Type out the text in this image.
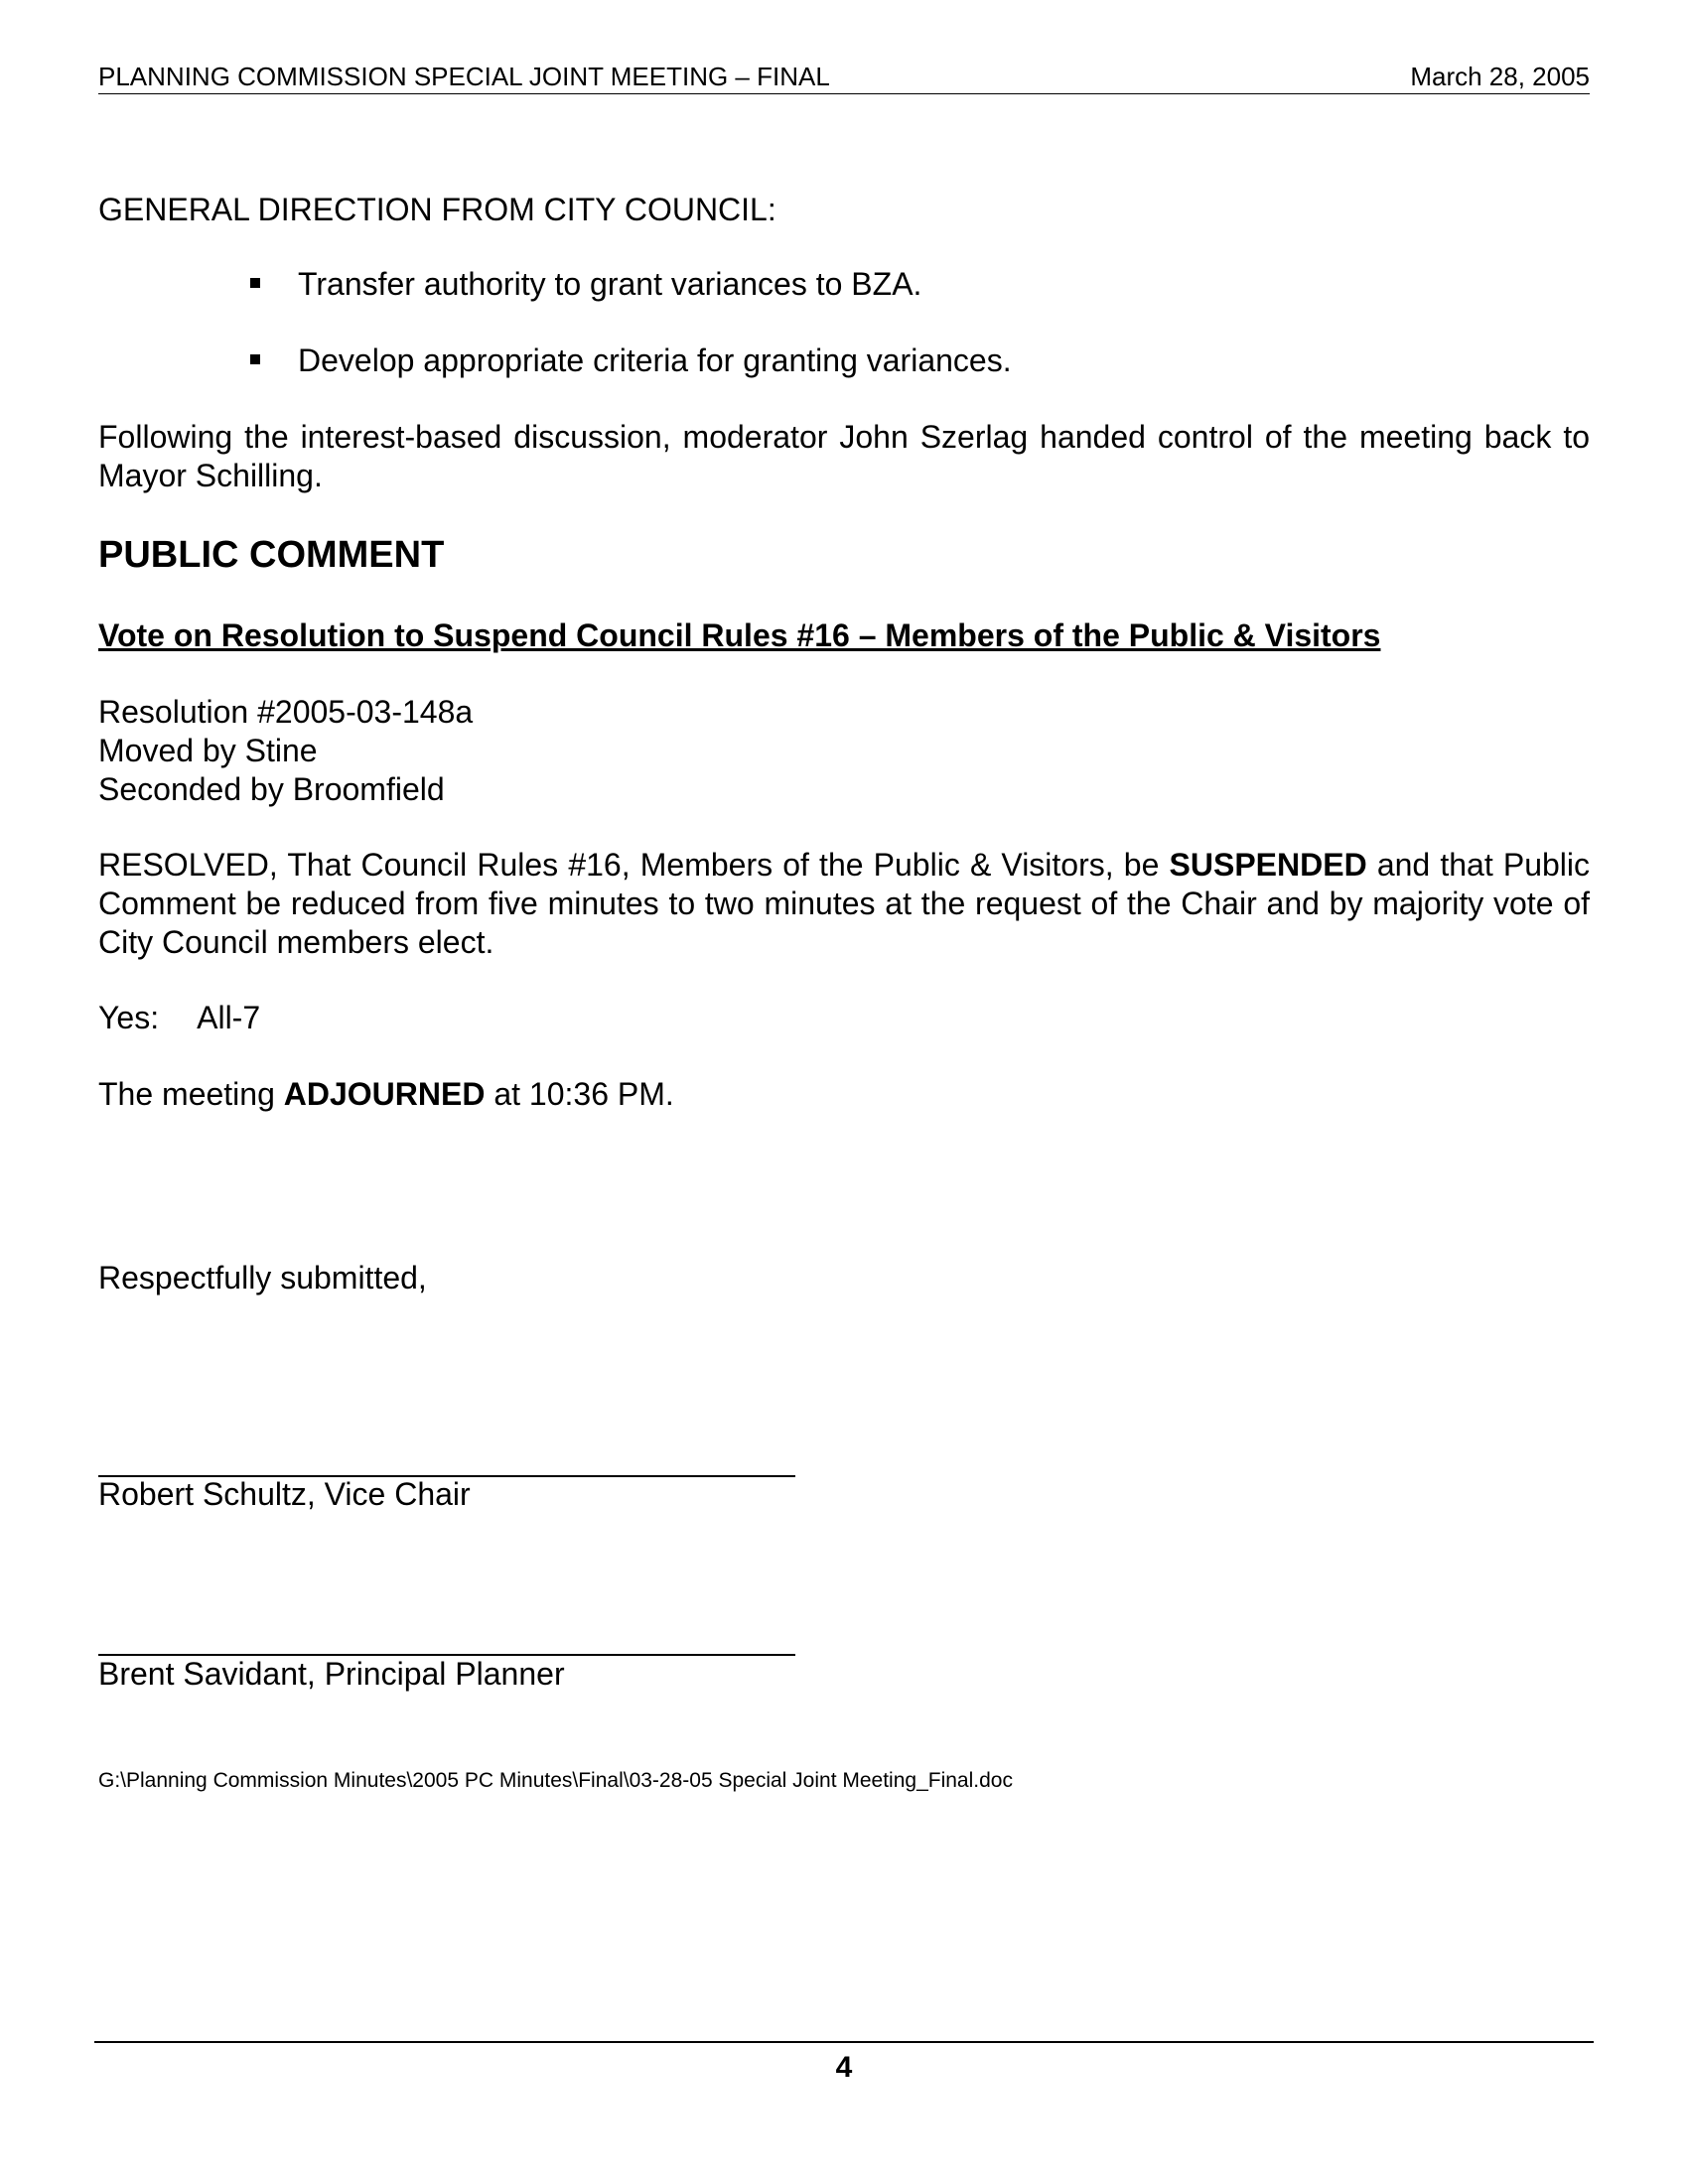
PLANNING COMMISSION SPECIAL JOINT MEETING – FINAL	March 28, 2005
GENERAL DIRECTION FROM CITY COUNCIL:
Transfer authority to grant variances to BZA.
Develop appropriate criteria for granting variances.
Following the interest-based discussion, moderator John Szerlag handed control of the meeting back to Mayor Schilling.
PUBLIC COMMENT
Vote on Resolution to Suspend Council Rules #16 – Members of the Public & Visitors
Resolution #2005-03-148a
Moved by Stine
Seconded by Broomfield
RESOLVED, That Council Rules #16, Members of the Public & Visitors, be SUSPENDED and that Public Comment be reduced from five minutes to two minutes at the request of the Chair and by majority vote of City Council members elect.
Yes: All-7
The meeting ADJOURNED at 10:36 PM.
Respectfully submitted,
Robert Schultz, Vice Chair
Brent Savidant, Principal Planner
G:\Planning Commission Minutes\2005 PC Minutes\Final\03-28-05 Special Joint Meeting_Final.doc
4
